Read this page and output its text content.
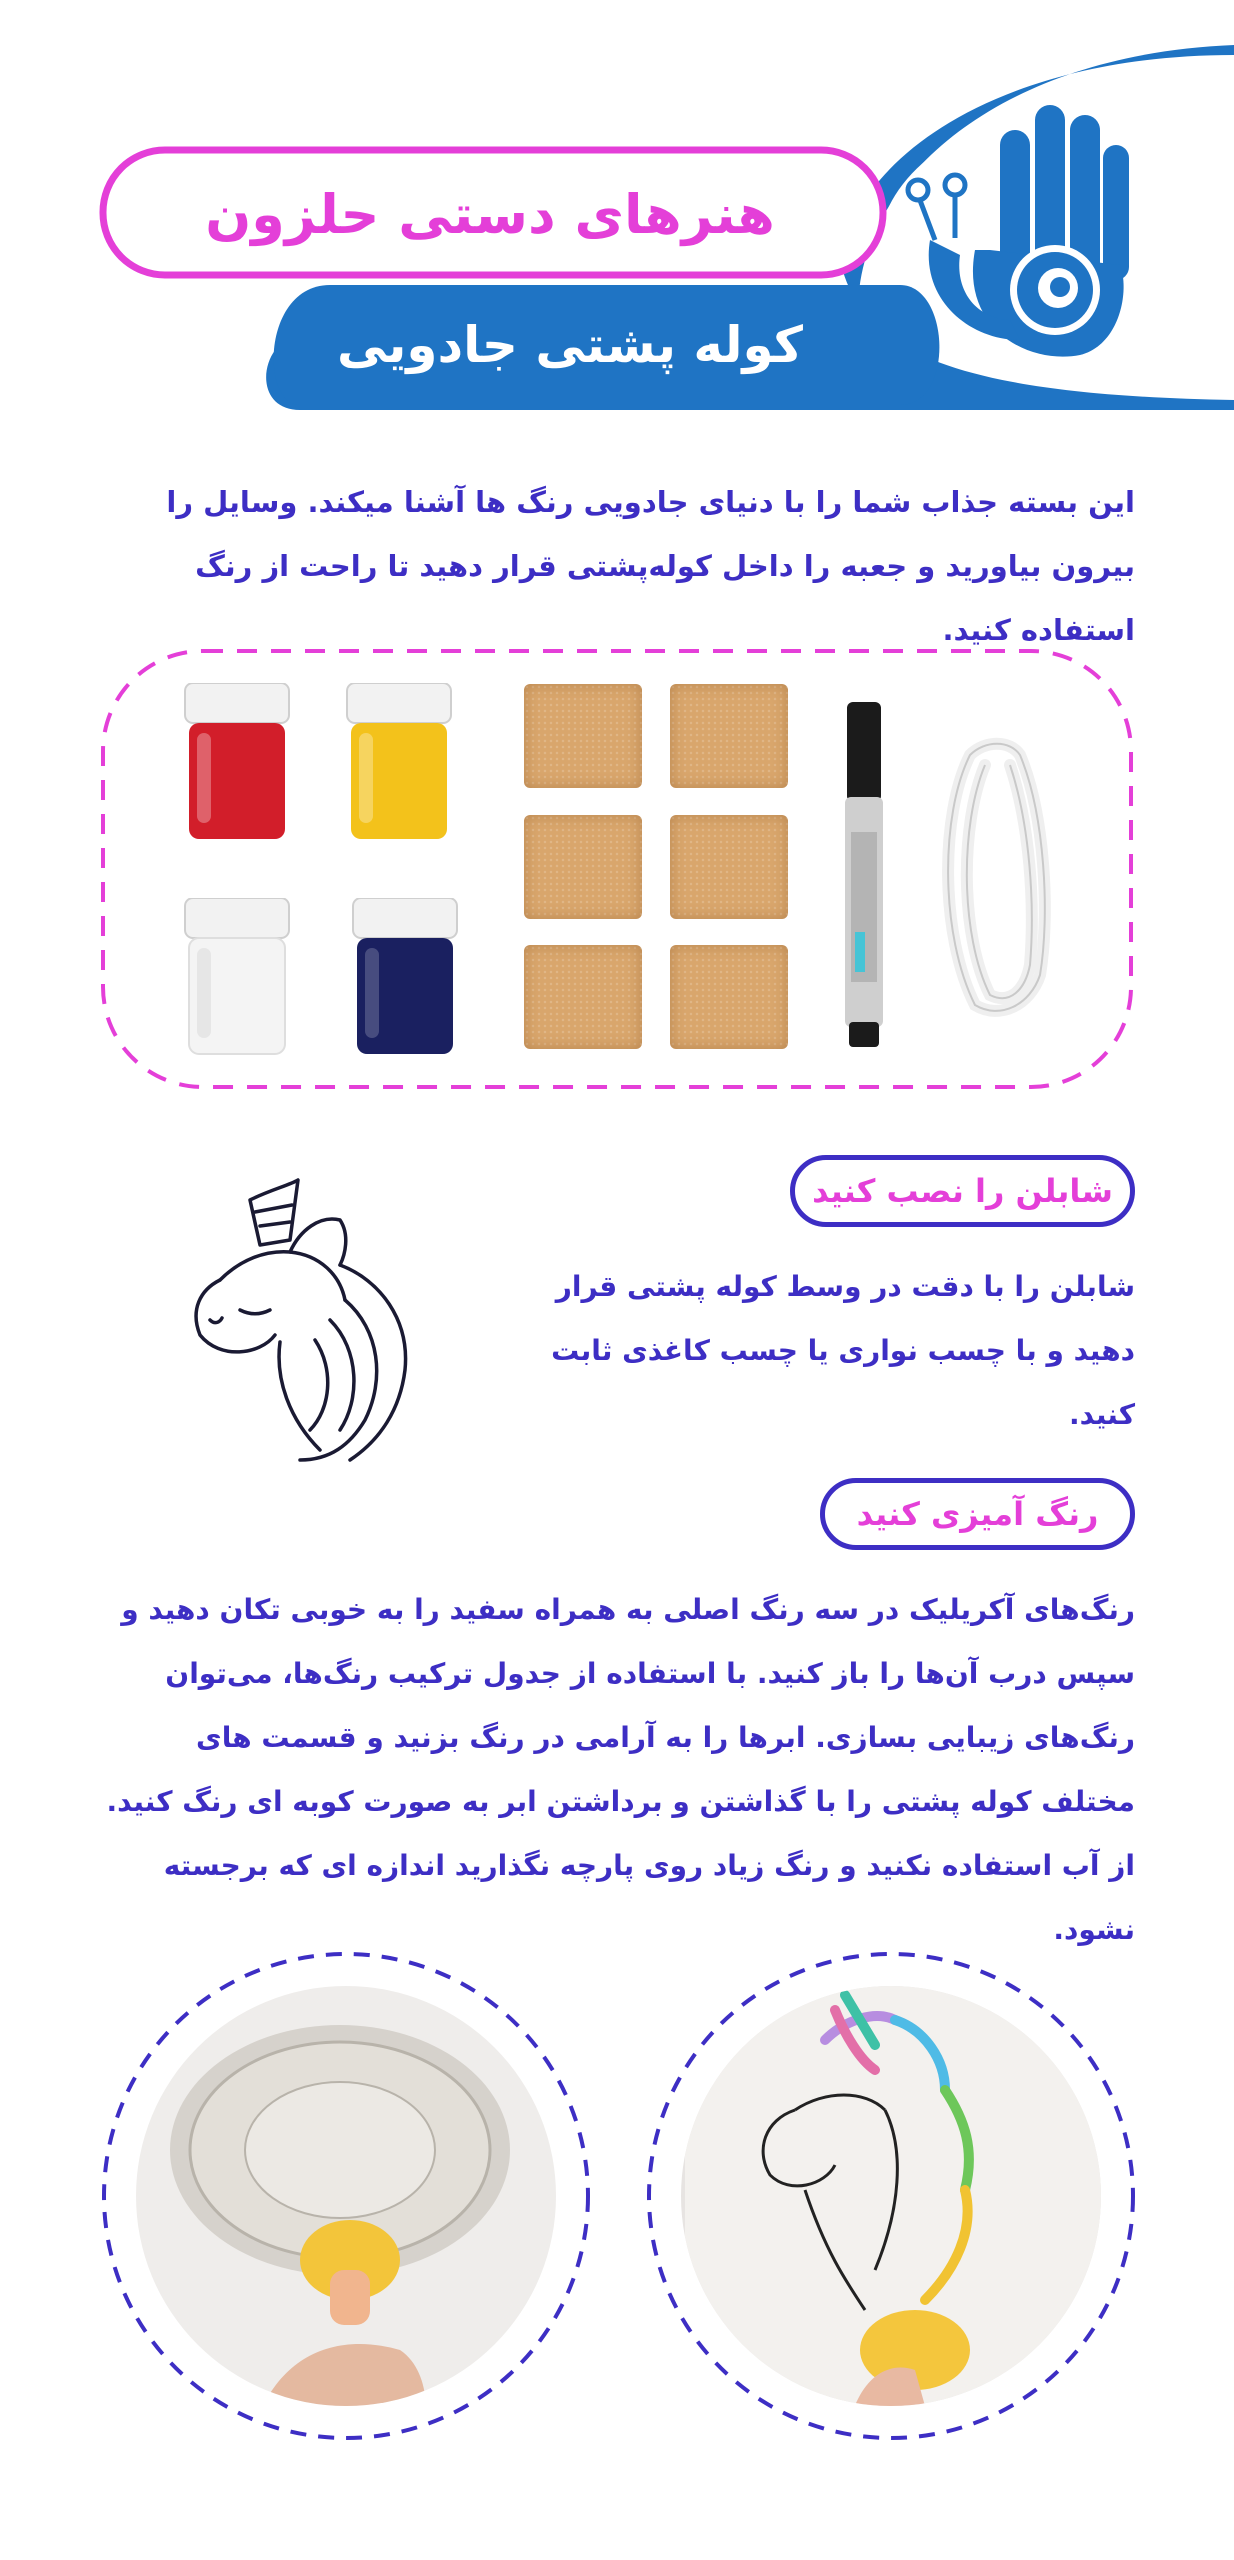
هنرهای دستی حلزون
کوله پشتی جادویی
این بسته جذاب شما را با دنیای جادویی رنگ ها آشنا میکند. وسایل را بیرون بیاورید و جعبه را داخل کوله‌پشتی قرار دهید تا راحت از رنگ استفاده کنید.
شابلن را نصب کنید
شابلن را با دقت در وسط کوله پشتی قرار دهید و با چسب نواری یا چسب کاغذی ثابت کنید.
رنگ آمیزی کنید
رنگ‌های آکریلیک در سه رنگ اصلی به همراه سفید را به خوبی تکان دهید و سپس درب آن‌ها را باز کنید. با استفاده از جدول ترکیب رنگ‌ها، می‌توان رنگ‌های زیبایی بسازی. ابرها را به آرامی در رنگ بزنید و قسمت های مختلف کوله پشتی را با گذاشتن و برداشتن ابر به صورت کوبه ای رنگ کنید. از آب استفاده نکنید و رنگ زیاد روی پارچه نگذارید اندازه ای که برجسته نشود.
